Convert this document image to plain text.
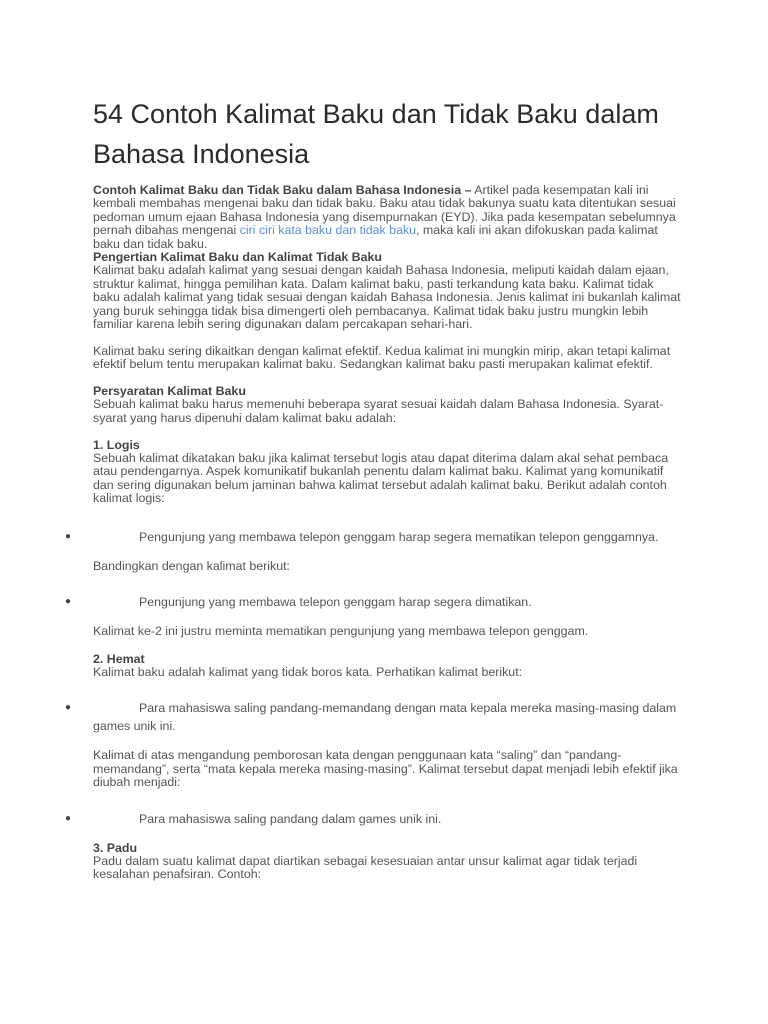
54 Contoh Kalimat Baku dan Tidak Baku dalam Bahasa Indonesia

Contoh Kalimat Baku dan Tidak Baku dalam Bahasa Indonesia – Artikel pada kesempatan kali ini kembali membahas mengenai baku dan tidak baku. Baku atau tidak bakunya suatu kata ditentukan sesuai pedoman umum ejaan Bahasa Indonesia yang disempurnakan (EYD). Jika pada kesempatan sebelumnya pernah dibahas mengenai ciri ciri kata baku dan tidak baku, maka kali ini akan difokuskan pada kalimat baku dan tidak baku.

Pengertian Kalimat Baku dan Kalimat Tidak Baku

Kalimat baku adalah kalimat yang sesuai dengan kaidah Bahasa Indonesia, meliputi kaidah dalam ejaan, struktur kalimat, hingga pemilihan kata. Dalam kalimat baku, pasti terkandung kata baku. Kalimat tidak baku adalah kalimat yang tidak sesuai dengan kaidah Bahasa Indonesia. Jenis kalimat ini bukanlah kalimat yang buruk sehingga tidak bisa dimengerti oleh pembacanya. Kalimat tidak baku justru mungkin lebih familiar karena lebih sering digunakan dalam percakapan sehari-hari.

Kalimat baku sering dikaitkan dengan kalimat efektif. Kedua kalimat ini mungkin mirip, akan tetapi kalimat efektif belum tentu merupakan kalimat baku. Sedangkan kalimat baku pasti merupakan kalimat efektif.

Persyaratan Kalimat Baku

Sebuah kalimat baku harus memenuhi beberapa syarat sesuai kaidah dalam Bahasa Indonesia. Syarat-syarat yang harus dipenuhi dalam kalimat baku adalah:

1. Logis

Sebuah kalimat dikatakan baku jika kalimat tersebut logis atau dapat diterima dalam akal sehat pembaca atau pendengarnya. Aspek komunikatif bukanlah penentu dalam kalimat baku. Kalimat yang komunikatif dan sering digunakan belum jaminan bahwa kalimat tersebut adalah kalimat baku. Berikut adalah contoh kalimat logis:

●	Pengunjung yang membawa telepon genggam harap segera mematikan telepon genggamnya.

Bandingkan dengan kalimat berikut:

●	Pengunjung yang membawa telepon genggam harap segera dimatikan.

Kalimat ke-2 ini justru meminta mematikan pengunjung yang membawa telepon genggam.

2. Hemat

Kalimat baku adalah kalimat yang tidak boros kata. Perhatikan kalimat berikut:

●	Para mahasiswa saling pandang-memandang dengan mata kepala mereka masing-masing dalam games unik ini.

Kalimat di atas mengandung pemborosan kata dengan penggunaan kata “saling” dan “pandang-memandang”, serta “mata kepala mereka masing-masing”. Kalimat tersebut dapat menjadi lebih efektif jika diubah menjadi:

●	Para mahasiswa saling pandang dalam games unik ini.

3. Padu

Padu dalam suatu kalimat dapat diartikan sebagai kesesuaian antar unsur kalimat agar tidak terjadi kesalahan penafsiran. Contoh:
